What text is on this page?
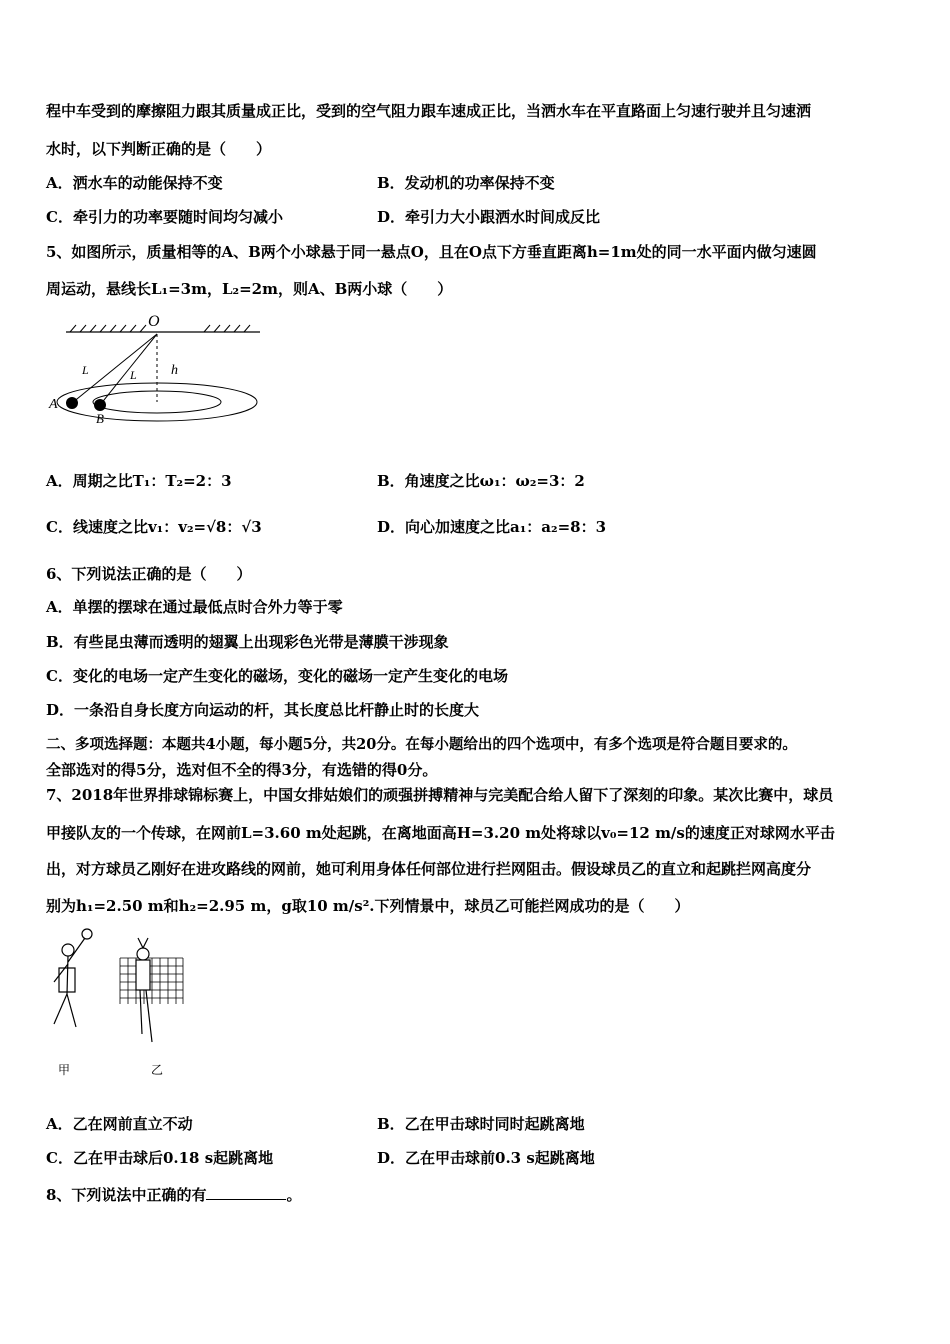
程中车受到的摩擦阻力跟其质量成正比，受到的空气阻力跟车速成正比，当洒水车在平直路面上匀速行驶并且匀速洒
水时，以下判断正确的是（　　）
A．洒水车的动能保持不变	B．发动机的功率保持不变
C．牵引力的功率要随时间均匀减小	D．牵引力大小跟洒水时间成反比
5、如图所示，质量相等的A、B两个小球悬于同一悬点O，且在O点下方垂直距离h=1m处的同一水平面内做匀速圆
周运动，悬线长L₁=3m，L₂=2m，则A、B两小球（　　）
O
L	L h
A
B
A．周期之比T₁：T₂=2：3	B．角速度之比ω₁：ω₂=3：2
C．线速度之比v₁：v₂=√8：√3	D．向心加速度之比a₁：a₂=8：3
6、下列说法正确的是（　　）
A．单摆的摆球在通过最低点时合外力等于零
B．有些昆虫薄而透明的翅翼上出现彩色光带是薄膜干涉现象
C．变化的电场一定产生变化的磁场，变化的磁场一定产生变化的电场
D．一条沿自身长度方向运动的杆，其长度总比杆静止时的长度大
二、多项选择题：本题共4小题，每小题5分，共20分。在每小题给出的四个选项中，有多个选项是符合题目要求的。
全部选对的得5分，选对但不全的得3分，有选错的得0分。
7、2018年世界排球锦标赛上，中国女排姑娘们的顽强拼搏精神与完美配合给人留下了深刻的印象。某次比赛中，球员
甲接队友的一个传球，在网前L=3.60 m处起跳，在离地面高H=3.20 m处将球以v₀=12 m/s的速度正对球网水平击
出，对方球员乙刚好在进攻路线的网前，她可利用身体任何部位进行拦网阻击。假设球员乙的直立和起跳拦网高度分
别为h₁=2.50 m和h₂=2.95 m，g取10 m/s².下列情景中，球员乙可能拦网成功的是（　　）
甲	乙
A．乙在网前直立不动	B．乙在甲击球时同时起跳离地
C．乙在甲击球后0.18 s起跳离地	D．乙在甲击球前0.3 s起跳离地
8、下列说法中正确的有	。
